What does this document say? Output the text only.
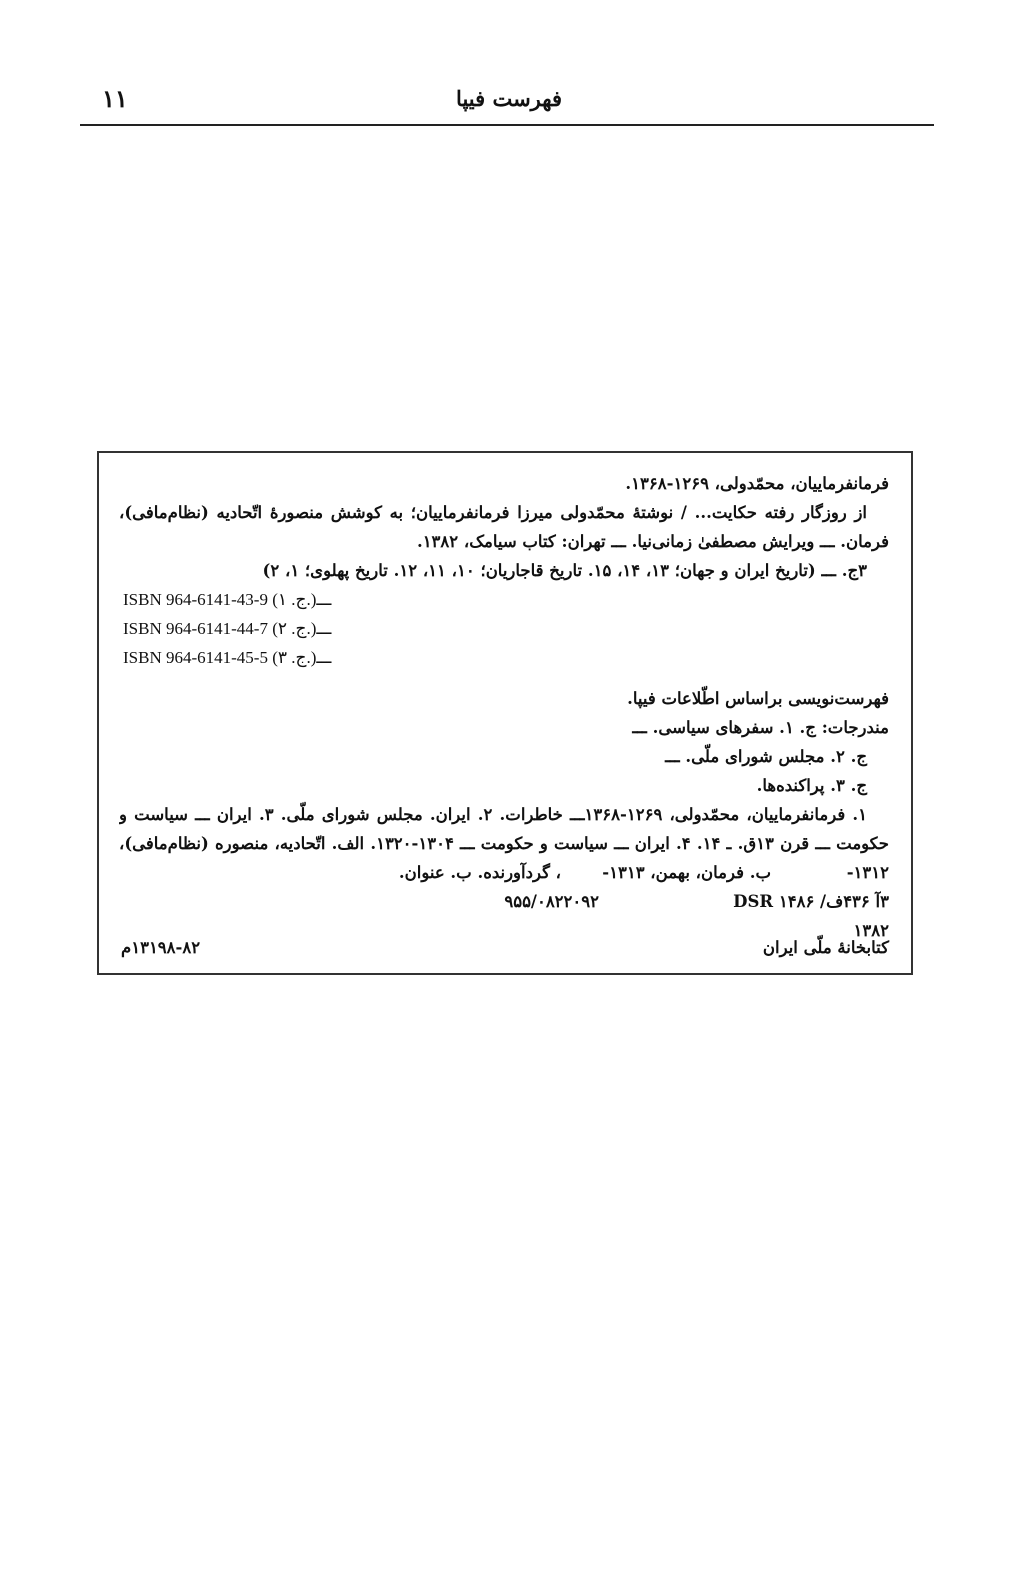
فهرست فيپا
۱۱
فرمانفرماييان، محمّدولی، ۱۲۶۹-۱۳۶۸.
از روزگار رفته حکايت... / نوشتهٔ محمّدولی ميرزا فرمانفرماييان؛ به کوشش منصورهٔ اتّحاديه (نظام‌مافی)،
فرمان. ـــ ويرايش مصطفیٰ زمانی‌نيا. ـــ تهران: کتاب سيامک، ۱۳۸۲.
۳ج. ـــ (تاريخ ايران و جهان؛ ۱۳، ۱۴، ۱۵. تاريخ قاجاريان؛ ۱۰، ۱۱، ۱۲. تاريخ پهلوی؛ ۱، ۲)
ISBN 964-6141-43-9 (۱ .ج.)ـــ
ISBN 964-6141-44-7 (۲ .ج.)ـــ
ISBN 964-6141-45-5 (۳ .ج.)ـــ
فهرست‌نويسی براساس اطّلاعات فيپا.
مندرجات: ج. ۱. سفرهای سياسی. ـــ
ج. ۲. مجلس شورای ملّی. ـــ
ج. ۳. پراکنده‌ها.
۱. فرمانفرماييان، محمّدولی، ۱۲۶۹-۱۳۶۸ـــ خاطرات. ۲. ايران. مجلس شورای ملّی. ۳. ايران ـــ سياست و
حکومت ـــ قرن ۱۳ق. ـ ۱۴. ۴. ايران ـــ سياست و حکومت ـــ ۱۳۰۴-۱۳۲۰. الف. اتّحاديه، منصوره (نظام‌مافی)،
۱۳۱۲-
ب. فرمان، بهمن، ۱۳۱۳-
، گردآورنده. ب. عنوان.
۳آ ۴۳۶ف/ ۱۴۸۶ DSR
۹۵۵/۰۸۲۲۰۹۲
۱۳۸۲
کتابخانهٔ ملّی ايران
۱۳۱۹۸-۸۲م
